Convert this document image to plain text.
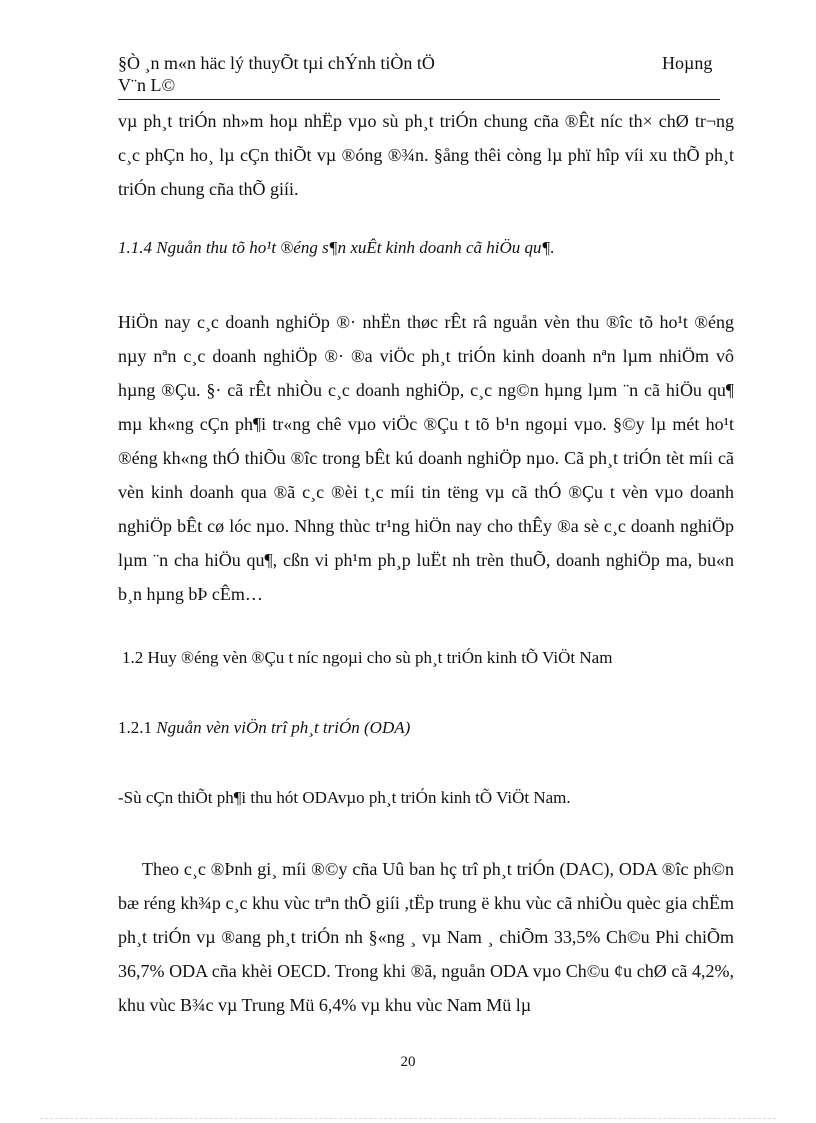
§Ò ¸n m«n häc lý thuyÕt tµi chÝnh tiÒn tÖ	Hoµng
V¨n L©

vµ ph¸t triÓn nh»m hoµ nhËp vµo sù ph¸t triÓn chung cña ®Êt níc th× chØ tr¬ng c¸c phÇn ho¸ lµ cÇn thiÕt vµ ®óng ®¾n. §ång thêi còng lµ phï hîp víi xu thÕ ph¸t triÓn chung cña thÕ giíi.

1.1.4 Nguån thu tõ ho¹t ®éng s¶n xuÊt kinh doanh cã hiÖu qu¶.

HiÖn nay c¸c doanh nghiÖp ®· nhËn thøc rÊt râ nguån vèn thu ®îc tõ ho¹t ®éng nµy nªn c¸c doanh nghiÖp ®· ®a viÖc ph¸t triÓn kinh doanh nªn lµm nhiÖm vô hµng ®Çu. §· cã rÊt nhiÒu c¸c doanh nghiÖp, c¸c ng©n hµng lµm ¨n cã hiÖu qu¶ mµ kh«ng cÇn ph¶i tr«ng chê vµo viÖc ®Çu t tõ b¹n ngoµi vµo. §©y lµ mét ho¹t ®éng kh«ng thÓ thiÕu ®îc trong bÊt kú doanh nghiÖp nµo. Cã ph¸t triÓn tèt míi cã vèn kinh doanh qua ®ã c¸c ®èi t¸c míi tin tëng vµ cã thÓ ®Çu t vèn vµo doanh nghiÖp bÊt cø lóc nµo. Nhng thùc tr¹ng hiÖn nay cho thÊy ®a sè c¸c doanh nghiÖp lµm ¨n cha hiÖu qu¶, cßn vi ph¹m ph¸p luËt nh trèn thuÕ, doanh nghiÖp ma, bu«n b¸n hµng bÞ cÊm…

1.2 Huy ®éng vèn ®Çu t níc ngoµi cho sù ph¸t triÓn kinh tÕ ViÖt Nam

1.2.1 Nguån vèn viÖn trî ph¸t triÓn (ODA)

-Sù cÇn thiÕt ph¶i thu hót ODAvµo ph¸t triÓn kinh tÕ ViÖt Nam.

Theo c¸c ®Þnh gi¸ míi ®©y cña Uû ban hç trî ph¸t triÓn (DAC), ODA ®îc ph©n bæ réng kh¾p c¸c khu vùc trªn thÕ giíi ,tËp trung ë khu vùc cã nhiÒu quèc gia chËm ph¸t triÓn vµ ®ang ph¸t triÓn nh §«ng ¸ vµ Nam ¸ chiÕm 33,5% Ch©u Phi chiÕm 36,7% ODA cña khèi OECD. Trong khi ®ã, nguån ODA vµo Ch©u ¢u chØ cã 4,2%, khu vùc B¾c vµ Trung Mü 6,4% vµ khu vùc Nam Mü lµ

20
